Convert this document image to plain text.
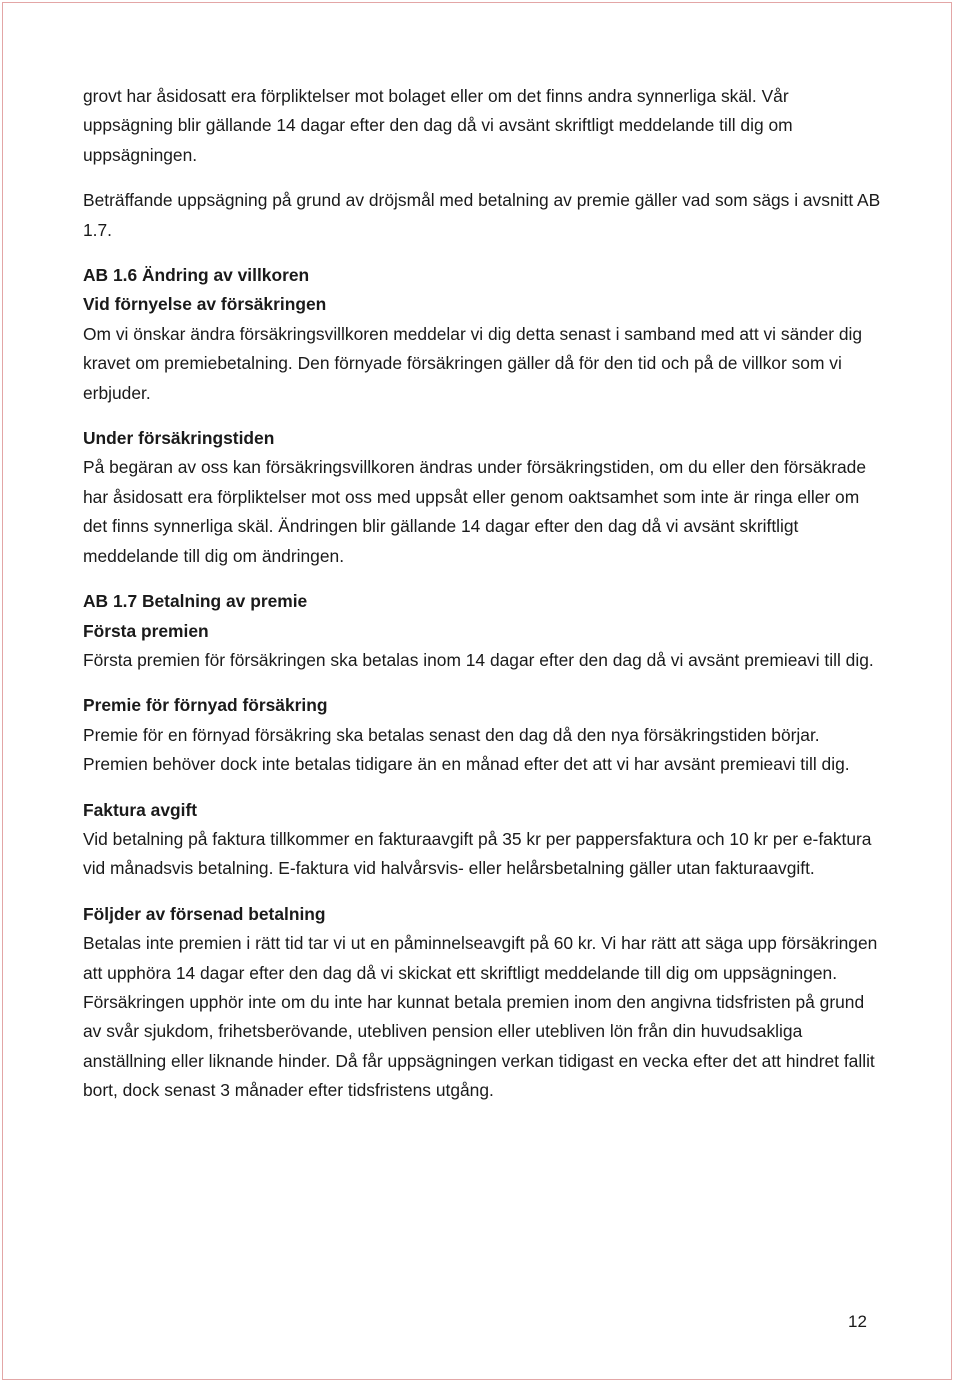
grovt har åsidosatt era förpliktelser mot bolaget eller om det finns andra synnerliga skäl. Vår uppsägning blir gällande 14 dagar efter den dag då vi avsänt skriftligt meddelande till dig om uppsägningen.

Beträffande uppsägning på grund av dröjsmål med betalning av premie gäller vad som sägs i avsnitt AB 1.7.

AB 1.6 Ändring av villkoren
Vid förnyelse av försäkringen

Om vi önskar ändra försäkringsvillkoren meddelar vi dig detta senast i samband med att vi sänder dig kravet om premiebetalning. Den förnyade försäkringen gäller då för den tid och på de villkor som vi erbjuder.

Under försäkringstiden

På begäran av oss kan försäkringsvillkoren ändras under försäkringstiden, om du eller den försäkrade har åsidosatt era förpliktelser mot oss med uppsåt eller genom oaktsamhet som inte är ringa eller om det finns synnerliga skäl. Ändringen blir gällande 14 dagar efter den dag då vi avsänt skriftligt meddelande till dig om ändringen.

AB 1.7 Betalning av premie
Första premien

Första premien för försäkringen ska betalas inom 14 dagar efter den dag då vi avsänt premieavi till dig.

Premie för förnyad försäkring

Premie för en förnyad försäkring ska betalas senast den dag då den nya försäkringstiden börjar. Premien behöver dock inte betalas tidigare än en månad efter det att vi har avsänt premieavi till dig.

Faktura avgift

Vid betalning på faktura tillkommer en fakturaavgift på 35 kr per pappersfaktura och 10 kr per e-faktura vid månadsvis betalning. E-faktura vid halvårsvis- eller helårsbetalning gäller utan fakturaavgift.

Följder av försenad betalning

Betalas inte premien i rätt tid tar vi ut en påminnelseavgift på 60 kr. Vi har rätt att säga upp försäkringen att upphöra 14 dagar efter den dag då vi skickat ett skriftligt meddelande till dig om uppsägningen. Försäkringen upphör inte om du inte har kunnat betala premien inom den angivna tidsfristen på grund av svår sjukdom, frihetsberövande, utebliven pension eller utebliven lön från din huvudsakliga anställning eller liknande hinder. Då får uppsägningen verkan tidigast en vecka efter det att hindret fallit bort, dock senast 3 månader efter tidsfristens utgång.

12
